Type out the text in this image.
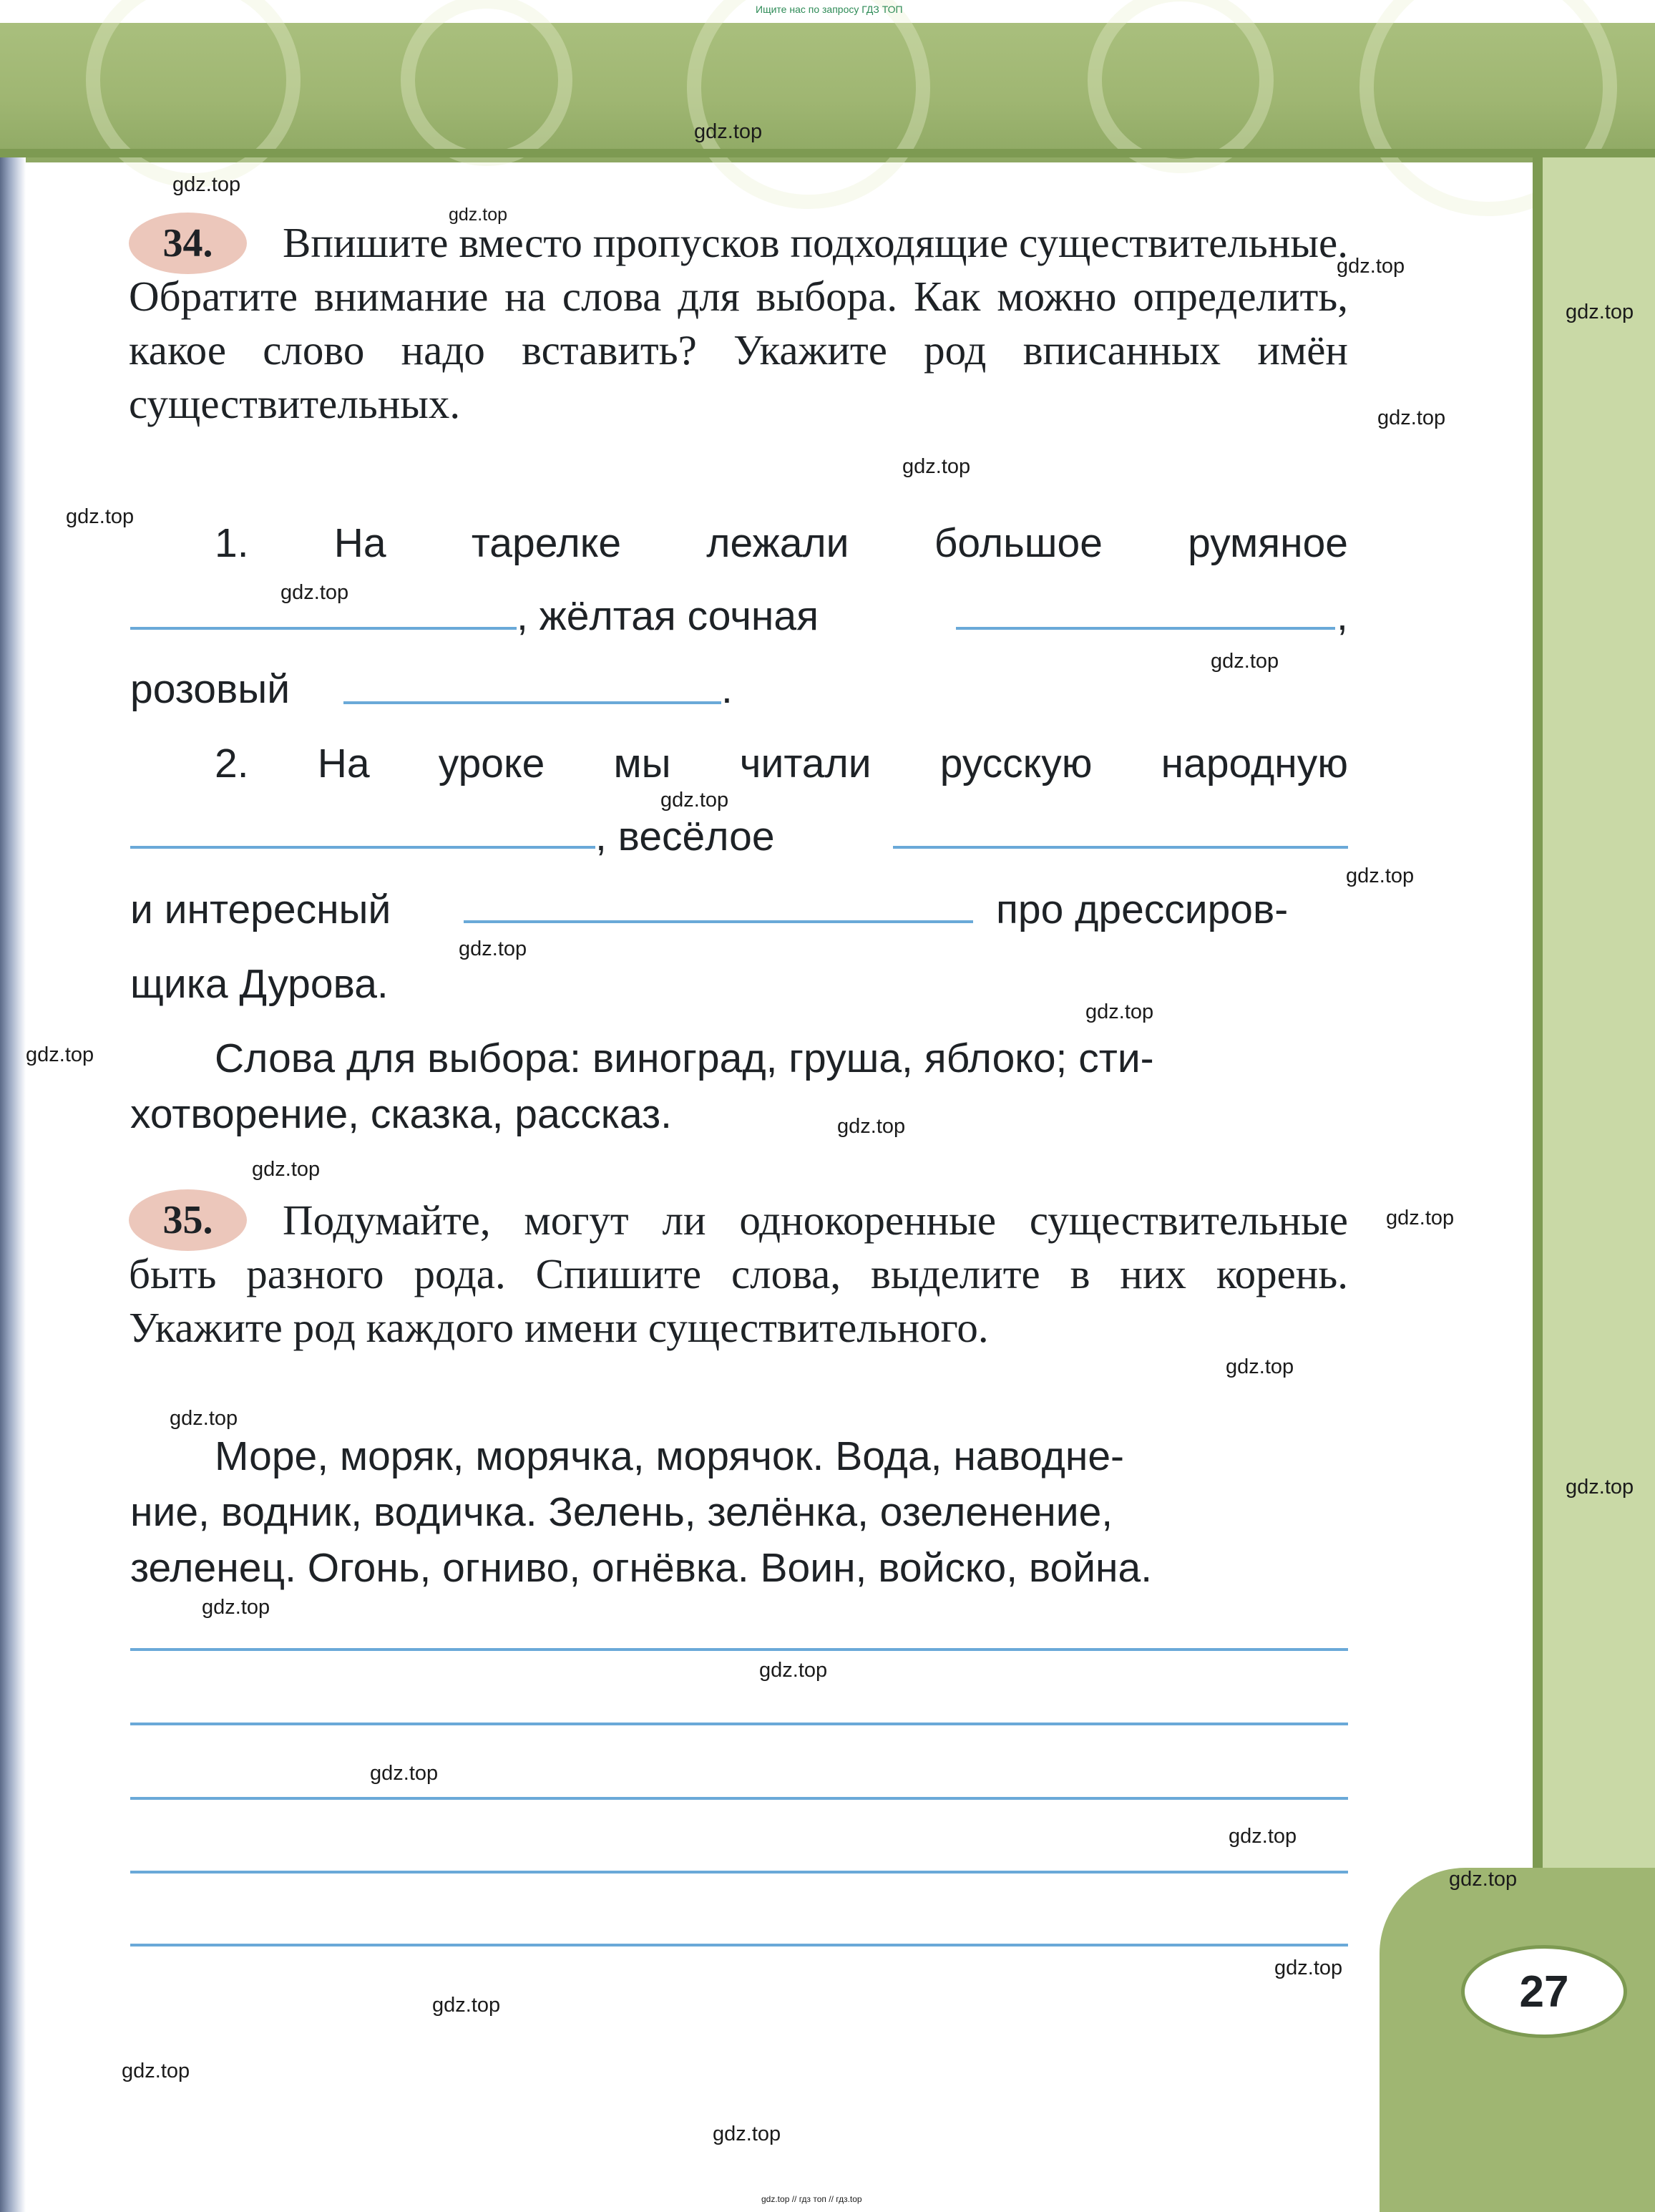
27
Ищите нас по запросу ГДЗ ТОП
gdz.top // гдз топ // гдз.top
34.	Впишите вместо пропусков подходящие существительные. Обратите внимание на слова для выбора. Как можно определить, какое слово надо вставить? Укажите род вписанных имён существительных.
1. На тарелке лежали большое румяное
, жёлтая сочная	,
розовый	.
2. На уроке мы читали русскую народную
, весёлое
и интересный	про дрессиров-
щика Дурова.
Слова для выбора: виноград, груша, яблоко; сти-
хотворение, сказка, рассказ.
35.	Подумайте, могут ли однокоренные существительные быть разного рода. Спишите слова, выделите в них корень. Укажите род каждого имени существительного.
Море, моряк, морячка, морячок. Вода, наводне-
ние, водник, водичка. Зелень, зелёнка, озеленение,
зеленец. Огонь, огниво, огнёвка. Воин, войско, война.
gdz.top
gdz.top
gdz.top
gdz.top
gdz.top
gdz.top
gdz.top
gdz.top
gdz.top
gdz.top
gdz.top
gdz.top
gdz.top
gdz.top
gdz.top
gdz.top
gdz.top
gdz.top
gdz.top
gdz.top
gdz.top
gdz.top
gdz.top
gdz.top
gdz.top
gdz.top
gdz.top
gdz.top
gdz.top
gdz.top
